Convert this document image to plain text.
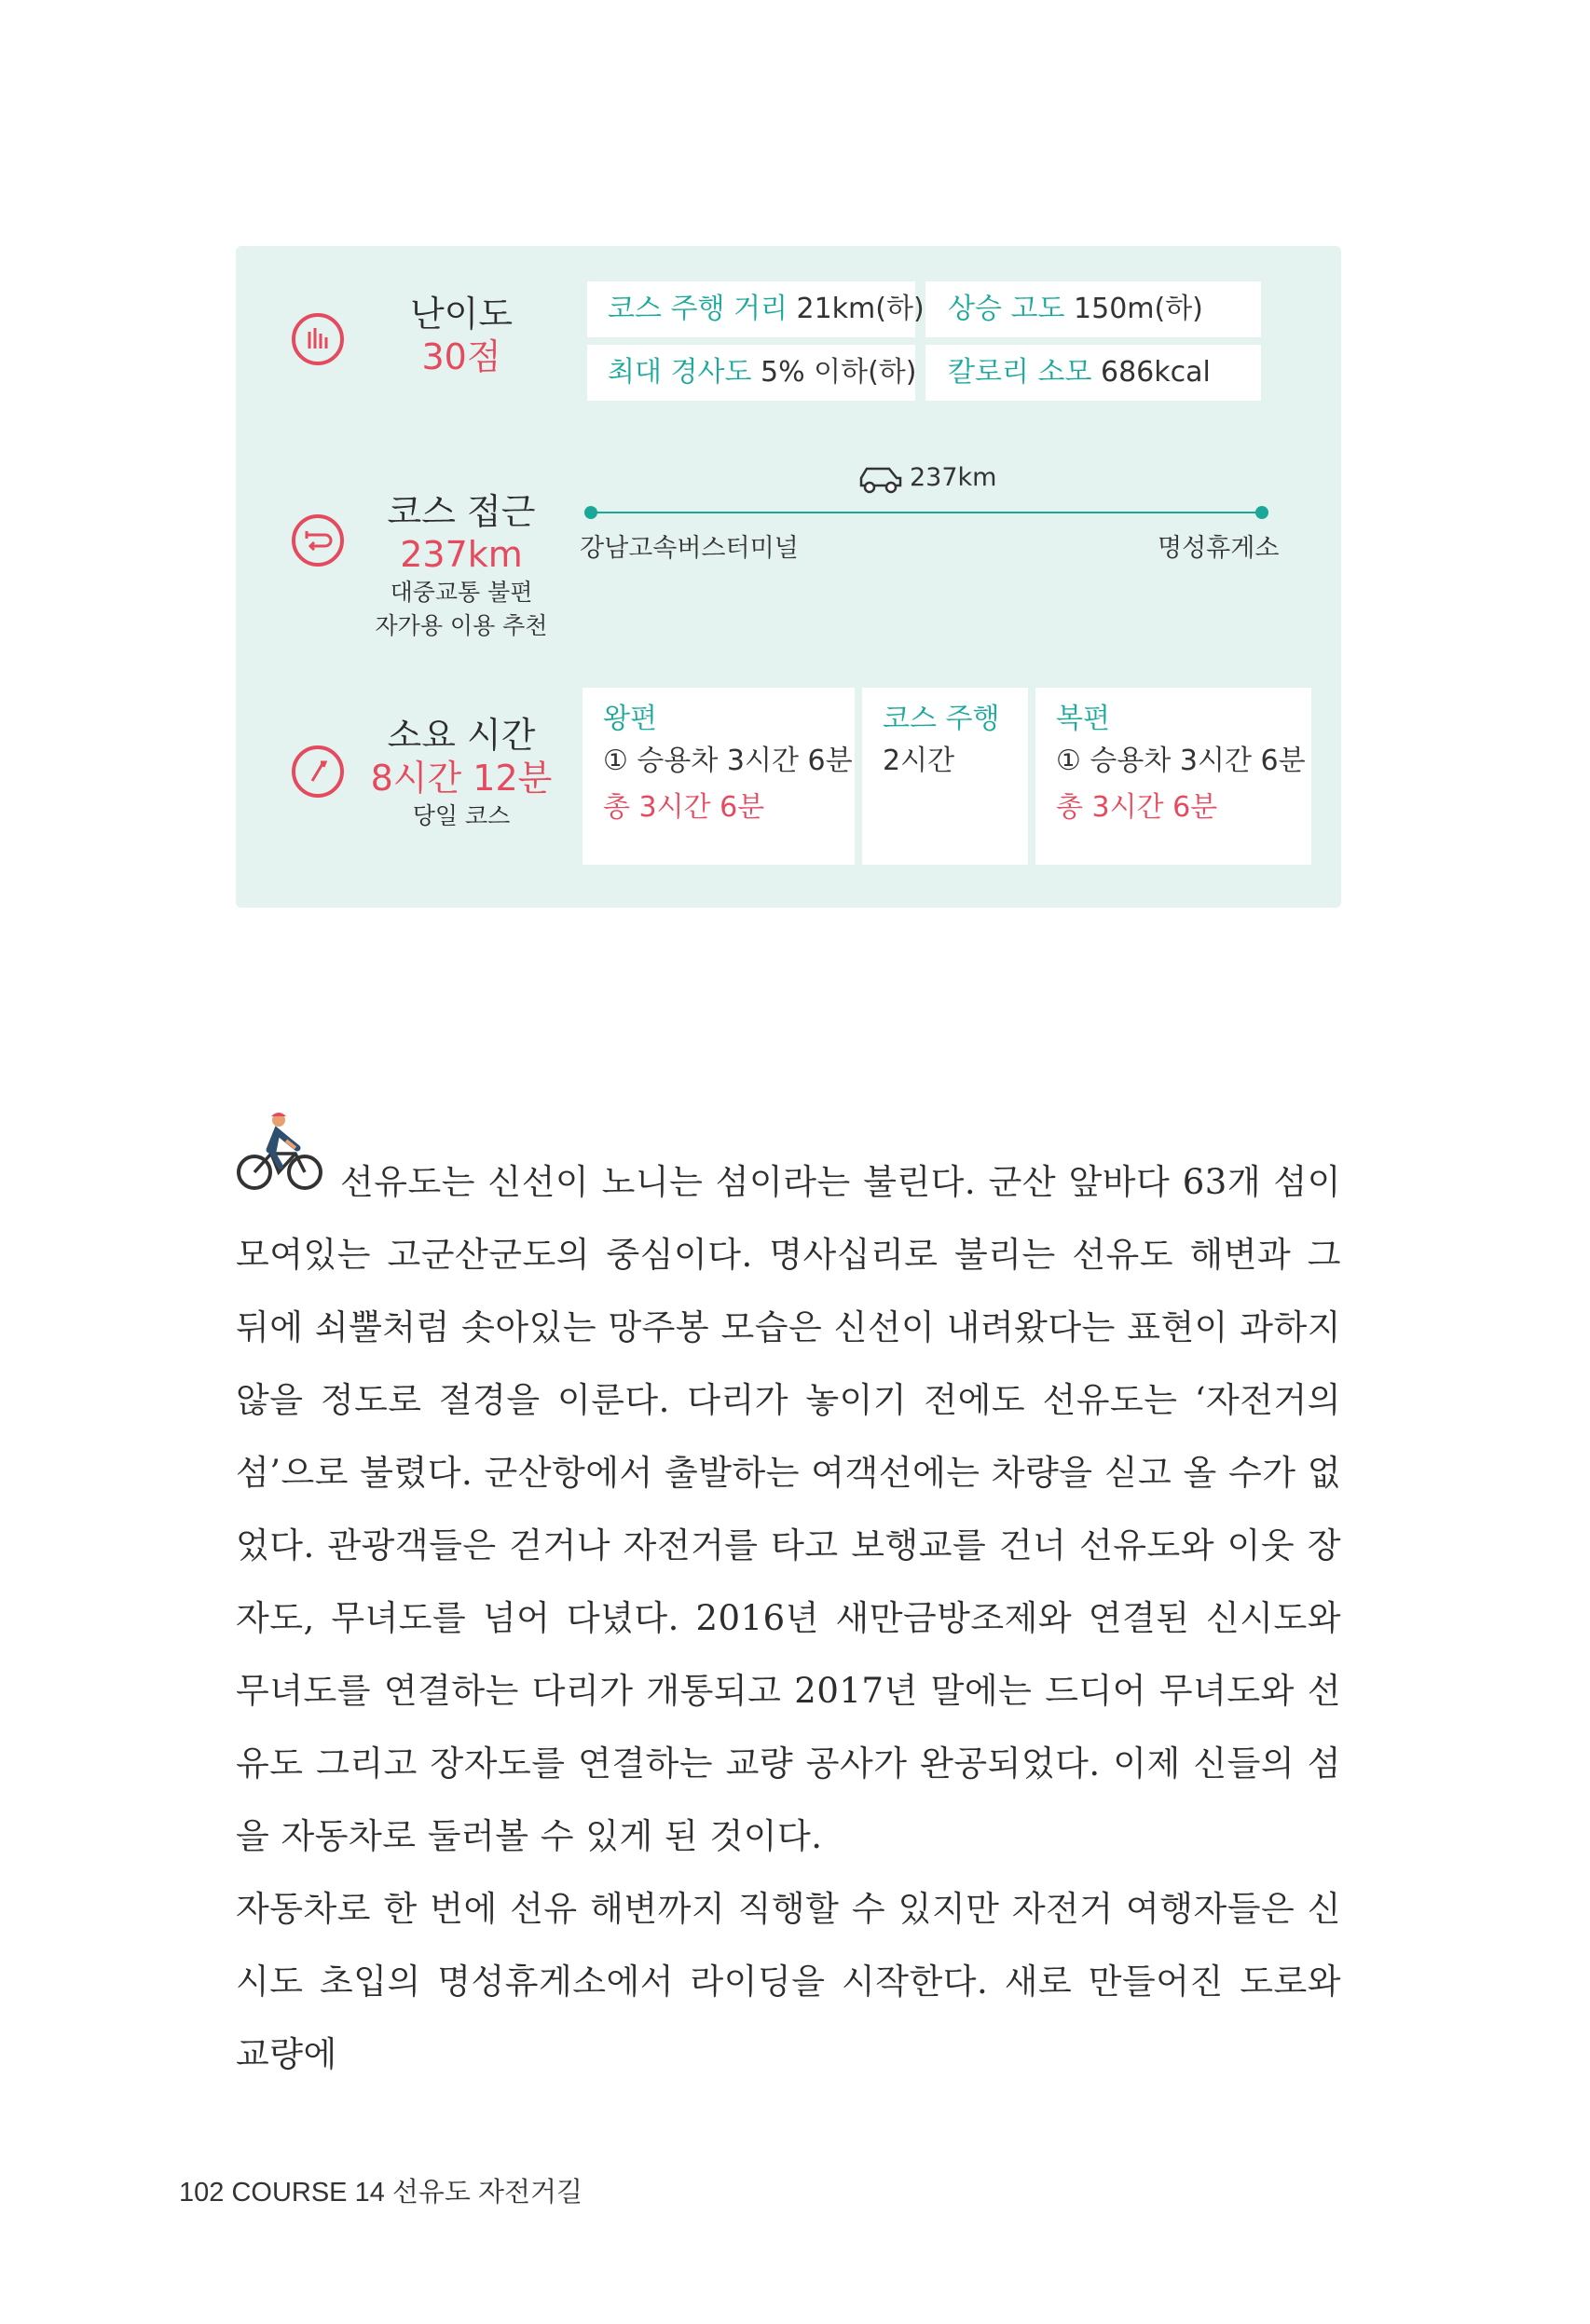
난이도
30점
코스 주행 거리 21km(하) 상승 고도 150m(하)
최대 경사도 5% 이하(하) 칼로리 소모 686kcal
코스 접근
237km
대중교통 불편
자가용 이용 추천
237km
강남고속버스터미널	명성휴게소
소요 시간
8시간 12분
당일 코스
왕편
① 승용차 3시간 6분
총 3시간 6분
코스 주행
2시간
복편
① 승용차 3시간 6분
총 3시간 6분

선유도는 신선이 노니는 섬이라는 불린다. 군산 앞바다 63개 섬이 모여있는 고군산군도의 중심이다. 명사십리로 불리는 선유도 해변과 그 뒤에 쇠뿔처럼 솟아있는 망주봉 모습은 신선이 내려왔다는 표현이 과하지 않을 정도로 절경을 이룬다. 다리가 놓이기 전에도 선유도는 ‘자전거의 섬’으로 불렸다. 군산항에서 출발하는 여객선에는 차량을 싣고 올 수가 없었다. 관광객들은 걷거나 자전거를 타고 보행교를 건너 선유도와 이웃 장자도, 무녀도를 넘어 다녔다. 2016년 새만금방조제와 연결된 신시도와 무녀도를 연결하는 다리가 개통되고 2017년 말에는 드디어 무녀도와 선유도 그리고 장자도를 연결하는 교량 공사가 완공되었다. 이제 신들의 섬을 자동차로 둘러볼 수 있게 된 것이다.

자동차로 한 번에 선유 해변까지 직행할 수 있지만 자전거 여행자들은 신시도 초입의 명성휴게소에서 라이딩을 시작한다. 새로 만들어진 도로와 교량에

102 COURSE 14 선유도 자전거길
